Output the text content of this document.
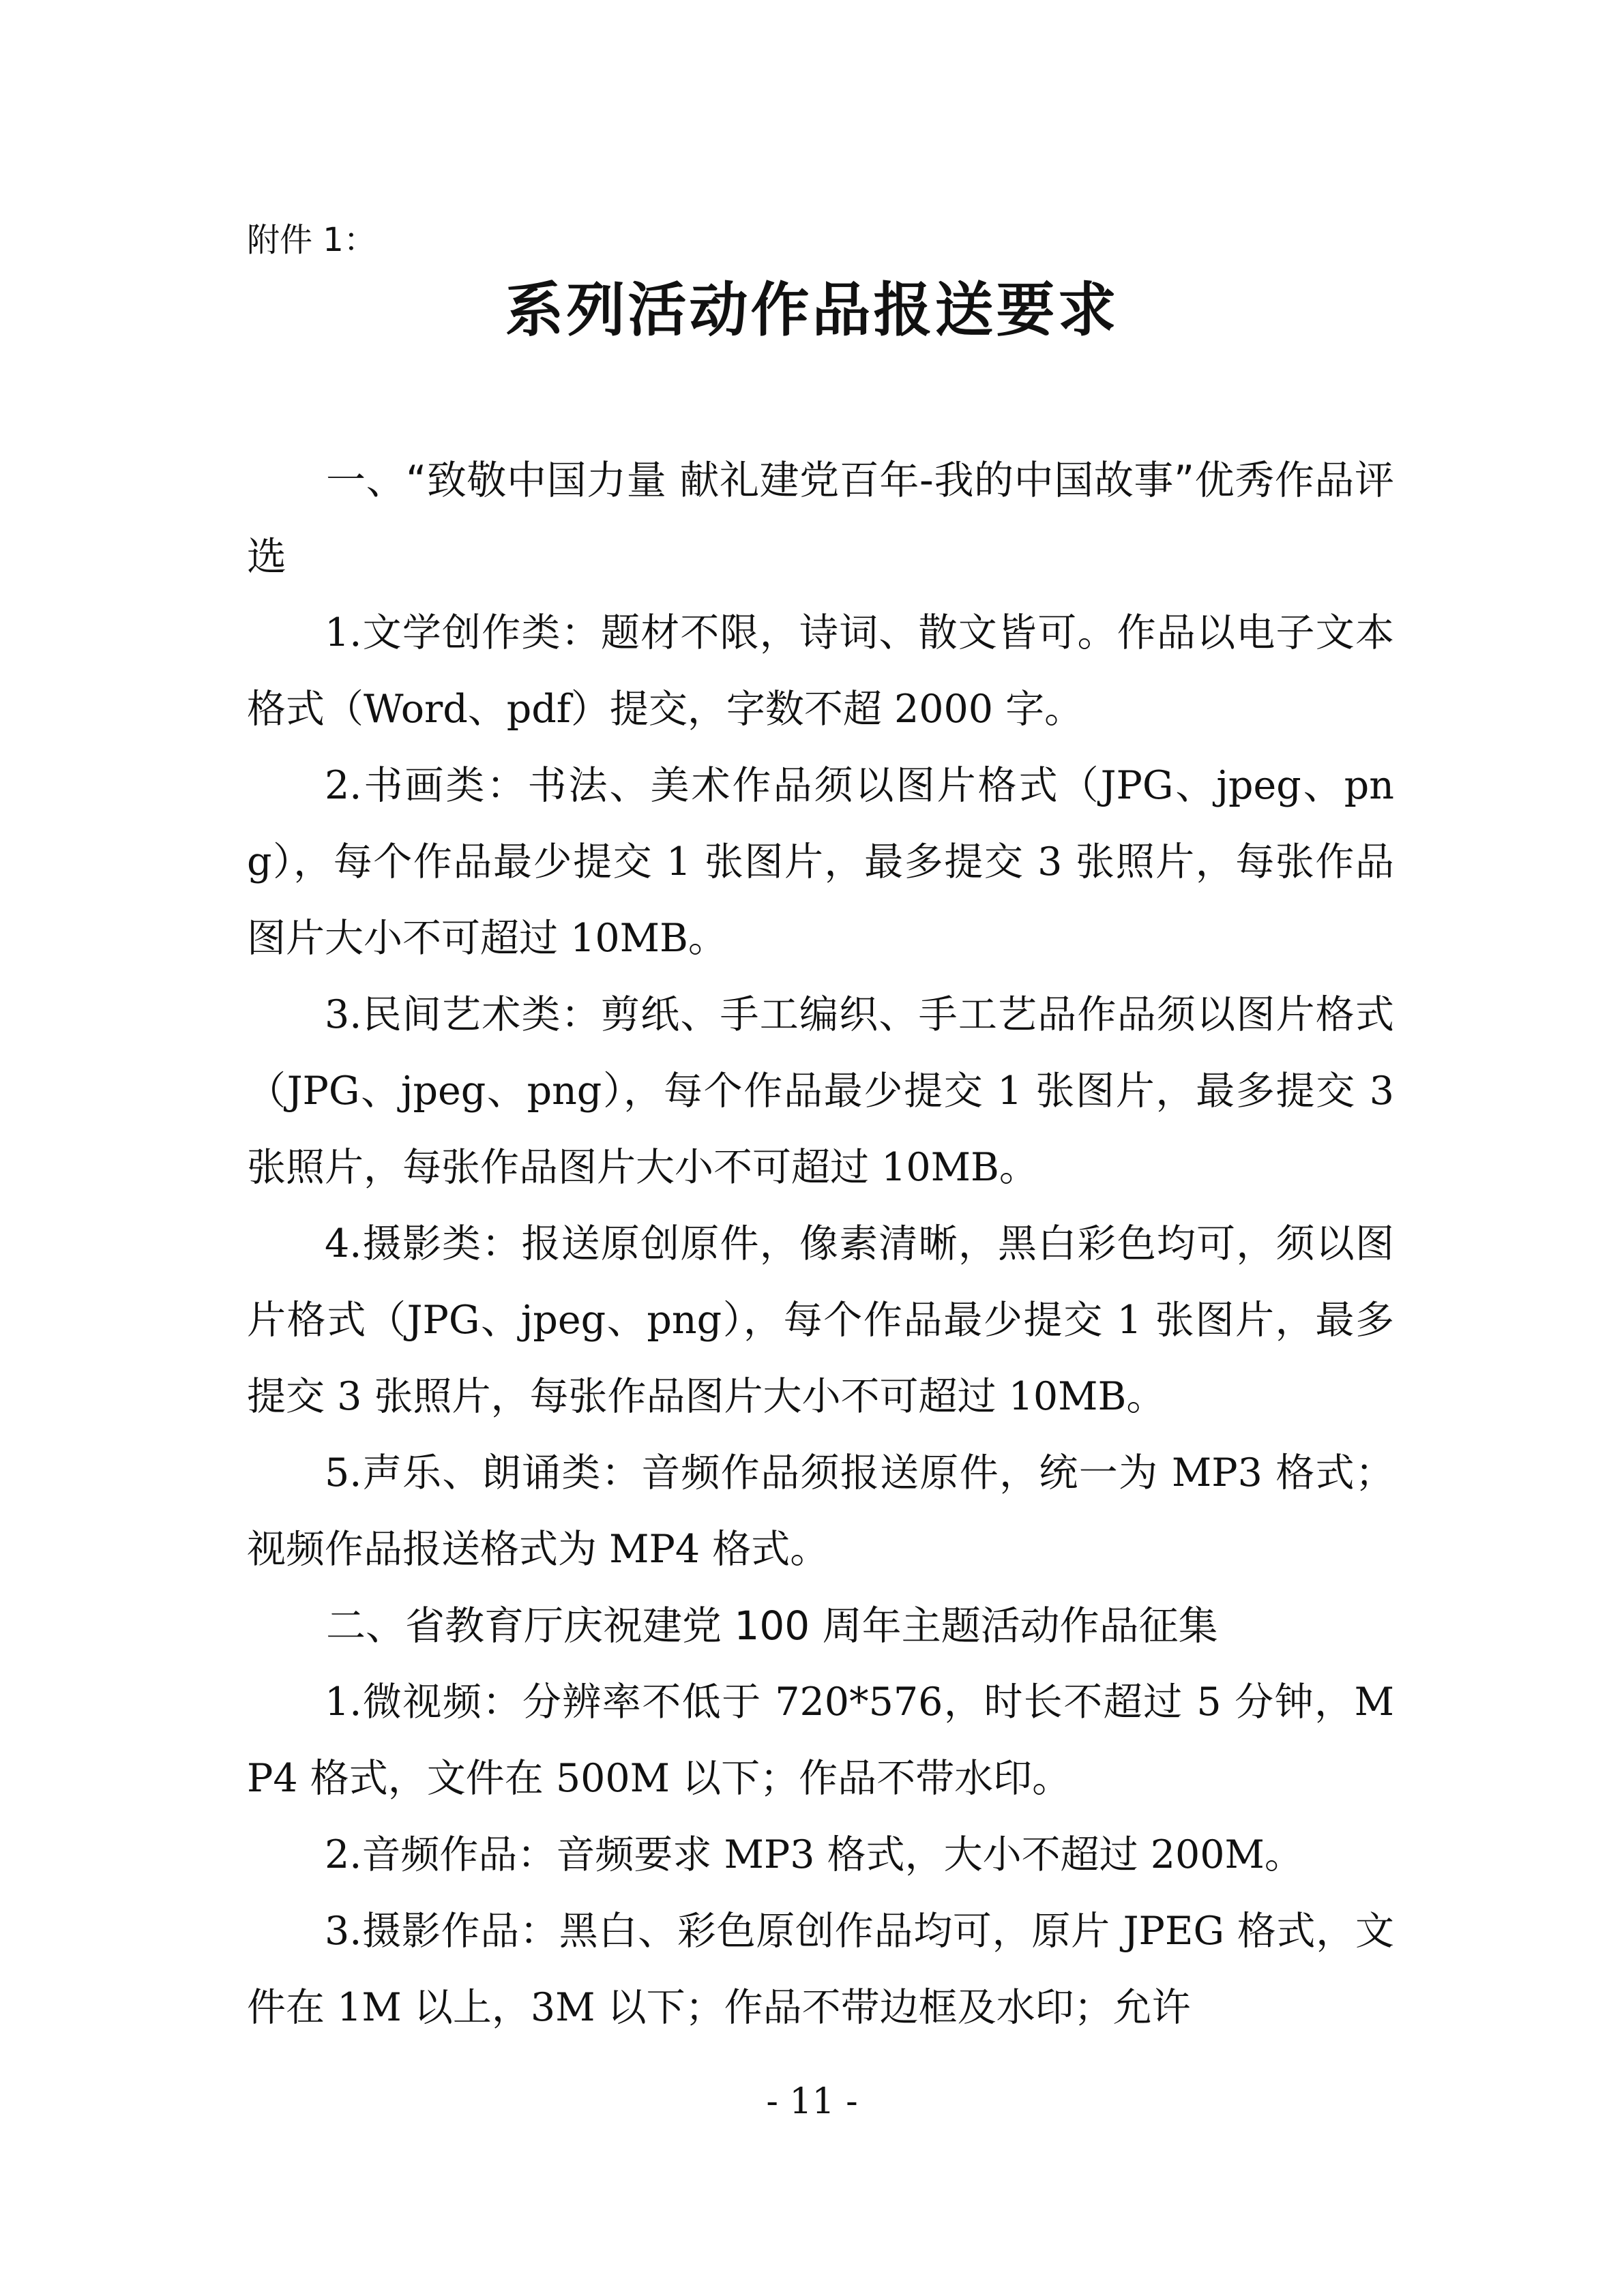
附件 1：
系列活动作品报送要求

一、“致敬中国力量 献礼建党百年-我的中国故事”优秀作品评选

1.文学创作类：题材不限，诗词、散文皆可。作品以电子文本格式（Word、pdf）提交，字数不超 2000 字。

2.书画类：书法、美术作品须以图片格式（JPG、jpeg、png），每个作品最少提交 1 张图片，最多提交 3 张照片，每张作品图片大小不可超过 10MB。

3.民间艺术类：剪纸、手工编织、手工艺品作品须以图片格式（JPG、jpeg、png），每个作品最少提交 1 张图片，最多提交 3 张照片，每张作品图片大小不可超过 10MB。

4.摄影类：报送原创原件，像素清晰，黑白彩色均可，须以图片格式（JPG、jpeg、png），每个作品最少提交 1 张图片，最多提交 3 张照片，每张作品图片大小不可超过 10MB。

5.声乐、朗诵类：音频作品须报送原件，统一为 MP3 格式；视频作品报送格式为 MP4 格式。

二、省教育厅庆祝建党 100 周年主题活动作品征集

1.微视频：分辨率不低于 720*576，时长不超过 5 分钟，MP4 格式，文件在 500M 以下；作品不带水印。

2.音频作品：音频要求 MP3 格式，大小不超过 200M。

3.摄影作品：黑白、彩色原创作品均可，原片 JPEG 格式，文件在 1M 以上，3M 以下；作品不带边框及水印；允许

- 11 -
